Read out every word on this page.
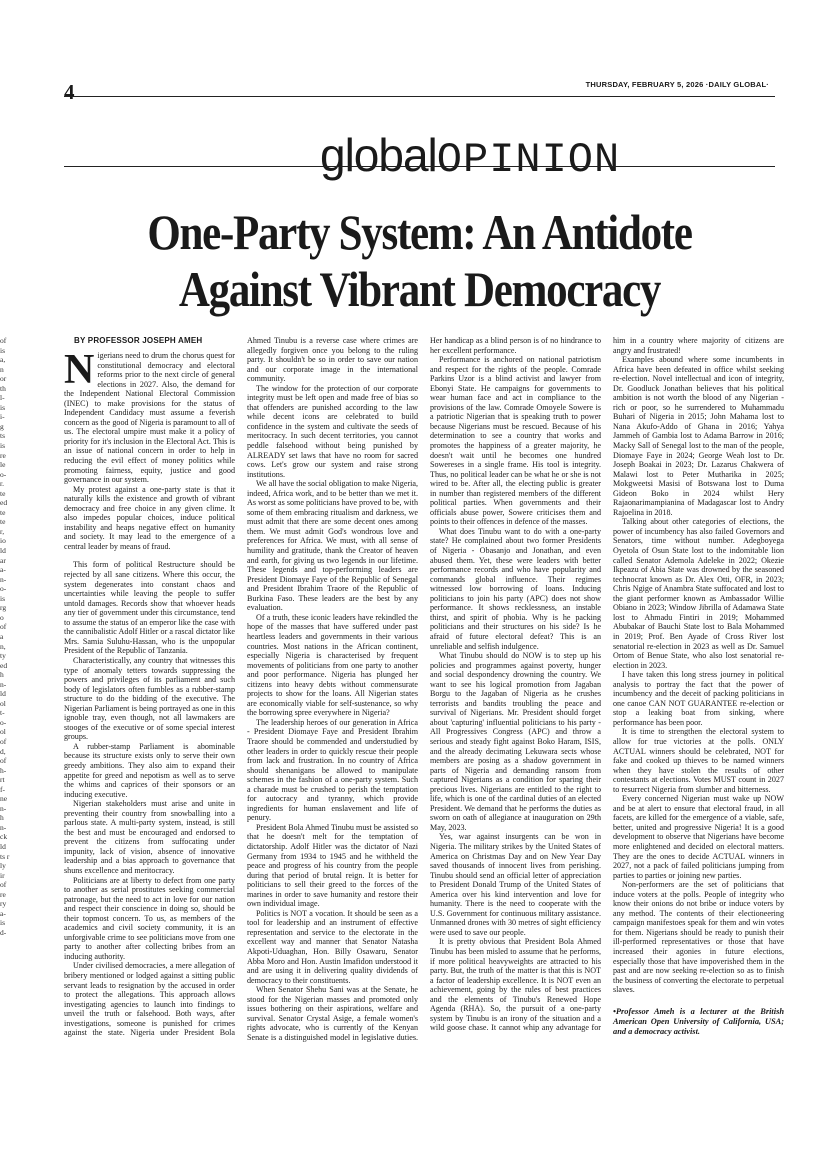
4	THURSDAY, FEBRUARY 5, 2026 ·DAILY GLOBAL·
globalOPINION
One-Party System: An Antidote Against Vibrant Democracy
of is a, n or th l- is i- g ts is re le o- r. te ed te te r, io ld ar a- n- o- is rg o of a n, ty ed h n- ld ol t- o- ol of d, of h- rt f- ne n- h n- ck ld ts r ly ir of re ry a- is d-
BY PROFESSOR JOSEPH AMEH

Nigerians need to drum the chorus quest for constitutional democracy and electoral reforms prior to the next circle of general elections in 2027. Also, the demand for the Independent National Electoral Commission (INEC) to make provisions for the status of Independent Candidacy must assume a feverish concern as the good of Nigeria is paramount to all of us. The electoral umpire must make it a policy of priority for it's inclusion in the Electoral Act. This is an issue of national concern in order to help in reducing the evil effect of money politics while promoting fairness, equity, justice and good governance in our system.

My protest against a one-party state is that it naturally kills the existence and growth of vibrant democracy and free choice in any given clime. It also impedes popular choices, induce political instability and heaps negative effect on humanity and society. It may lead to the emergence of a central leader by means of fraud.

This form of political Restructure should be rejected by all sane citizens. Where this occur, the system degenerates into constant chaos and uncertainties while leaving the people to suffer untold damages. Records show that whoever heads any tier of government under this circumstance, tend to assume the status of an emperor like the case with the cannibalistic Adolf Hitler or a rascal dictator like Mrs. Samia Suluhu-Hassan, who is the unpopular President of the Republic of Tanzania.

Characteristically, any country that witnesses this type of anomaly tetters towards suppressing the powers and privileges of its parliament and such body of legislators often fumbles as a rubber-stamp structure to do the bidding of the executive. The Nigerian Parliament is being portrayed as one in this ignoble tray, even though, not all lawmakers are stooges of the executive or of some special interest groups.

A rubber-stamp Parliament is abominable because its structure exists only to serve their own greedy ambitions. They also aim to expand their appetite for greed and nepotism as well as to serve the whims and caprices of their sponsors or an inducing executive.

Nigerian stakeholders must arise and unite in preventing their country from snowballing into a parlous state. A multi-party system, instead, is still the best and must be encouraged and endorsed to prevent the citizens from suffocating under impunity, lack of vision, absence of innovative leadership and a bias approach to governance that shuns excellence and meritocracy.

Politicians are at liberty to defect from one party to another as serial prostitutes seeking commercial patronage, but the need to act in love for our nation and respect their conscience in doing so, should be their topmost concern. To us, as members of the academics and civil society community, it is an unforgivable crime to see politicians move from one party to another after collecting bribes from an inducing authority.

Under civilised democracies, a mere allegation of bribery mentioned or lodged against a sitting public servant leads to resignation by the accused in order to protect the allegations. This approach allows investigating agencies to launch into findings to unveil the truth or falsehood. Both ways, after investigations, someone is punished for crimes against the state. Nigeria under President Bola Ahmed Tinubu is a reverse case where crimes are allegedly forgiven once you belong to the ruling party. It shouldn't be so in order to save our nation and our corporate image in the international community.

The window for the protection of our corporate integrity must be left open and made free of bias so that offenders are punished according to the law while decent icons are celebrated to build confidence in the system and cultivate the seeds of meritocracy. In such decent territories, you cannot peddle falsehood without being punished by ALREADY set laws that have no room for sacred cows. Let's grow our system and raise strong institutions.

We all have the social obligation to make Nigeria, indeed, Africa work, and to be better than we met it. As worst as some politicians have proved to be, with some of them embracing ritualism and darkness, we must admit that there are some decent ones among them. We must admit God's wondrous love and preferences for Africa. We must, with all sense of humility and gratitude, thank the Creator of heaven and earth, for giving us two legends in our lifetime. These legends and top-performing leaders are President Diomaye Faye of the Republic of Senegal and President Ibrahim Traore of the Republic of Burkina Faso. These leaders are the best by any evaluation.

Of a truth, these iconic leaders have rekindled the hope of the masses that have suffered under past heartless leaders and governments in their various countries. Most nations in the African continent, especially Nigeria is characterised by frequent movements of politicians from one party to another and poor performance. Nigeria has plunged her citizens into heavy debts without commensurate projects to show for the loans. All Nigerian states are economically viable for self-sustenance, so why the borrowing spree everywhere in Nigeria?

The leadership heroes of our generation in Africa - President Diomaye Faye and President Ibrahim Traore should be commended and understudied by other leaders in order to quickly rescue their people from lack and frustration. In no country of Africa should shenanigans be allowed to manipulate schemes in the fashion of a one-party system. Such a charade must be crushed to perish the temptation for autocracy and tyranny, which provide ingredients for human enslavement and life of penury.

President Bola Ahmed Tinubu must be assisted so that he doesn't melt for the temptation of dictatorship. Adolf Hitler was the dictator of Nazi Germany from 1934 to 1945 and he withheld the peace and progress of his country from the people during that period of brutal reign. It is better for politicians to sell their greed to the forces of the marines in order to save humanity and restore their own individual image.

Politics is NOT a vocation. It should be seen as a tool for leadership and an instrument of effective representation and service to the electorate in the excellent way and manner that Senator Natasha Akpoti-Uduaghan, Hon. Billy Osawaru, Senator Abba Moro and Hon. Austin Imafidon understood it and are using it in delivering quality dividends of democracy to their constituents.

When Senator Shehu Sani was at the Senate, he stood for the Nigerian masses and promoted only issues bothering on their aspirations, welfare and survival. Senator Crystal Asige, a female women's rights advocate, who is currently of the Kenyan Senate is a distinguished model in legislative duties. Her handicap as a blind person is of no hindrance to her excellent performance.

Performance is anchored on national patriotism and respect for the rights of the people. Comrade Parkins Uzor is a blind activist and lawyer from Ebonyi State. He campaigns for governments to wear human face and act in compliance to the provisions of the law. Comrade Omoyele Sowere is a patriotic Nigerian that is speaking truth to power because Nigerians must be rescued. Because of his determination to see a country that works and promotes the happiness of a greater majority, he doesn't wait until he becomes one hundred Sowereses in a single frame. His tool is integrity. Thus, no political leader can be what he or she is not wired to be. After all, the electing public is greater in number than registered members of the different political parties. When governments and their officials abuse power, Sowere criticises them and points to their offences in defence of the masses.

What does Tinubu want to do with a one-party state? He complained about two former Presidents of Nigeria - Obasanjo and Jonathan, and even abused them. Yet, these were leaders with better performance records and who have popularity and commands global influence. Their regimes witnessed low borrowing of loans. Inducing politicians to join his party (APC) does not show performance. It shows recklessness, an instable thirst, and spirit of phobia. Why is he packing politicians and their structures on his side? Is he afraid of future electoral defeat? This is an unreliable and selfish indulgence.

What Tinubu should do NOW is to step up his policies and programmes against poverty, hunger and social despondency drowning the country. We want to see his logical promotion from Jagaban Borgu to the Jagaban of Nigeria as he crushes terrorists and bandits troubling the peace and survival of Nigerians. Mr. President should forget about 'capturing' influential politicians to his party - All Progressives Congress (APC) and throw a serious and steady fight against Boko Haram, ISIS, and the already decimating Lekuwara sects whose members are posing as a shadow government in parts of Nigeria and demanding ransom from captured Nigerians as a condition for sparing their precious lives. Nigerians are entitled to the right to life, which is one of the cardinal duties of an elected President. We demand that he performs the duties as sworn on oath of allegiance at inauguration on 29th May, 2023.

Yes, war against insurgents can be won in Nigeria. The military strikes by the United States of America on Christmas Day and on New Year Day saved thousands of innocent lives from perishing. Tinubu should send an official letter of appreciation to President Donald Trump of the United States of America over his kind intervention and love for humanity. There is the need to cooperate with the U.S. Government for continuous military assistance. Unmanned drones with 30 metres of sight efficiency were used to save our people.

It is pretty obvious that President Bola Ahmed Tinubu has been misled to assume that he performs, if more political heavyweights are attracted to his party. But, the truth of the matter is that this is NOT a factor of leadership excellence. It is NOT even an achievement, going by the rules of best practices and the elements of Tinubu's Renewed Hope Agenda (RHA). So, the pursuit of a one-party system by Tinubu is an irony of the situation and a wild goose chase. It cannot whip any advantage for him in a country where majority of citizens are angry and frustrated!

Examples abound where some incumbents in Africa have been defeated in office whilst seeking re-election. Novel intellectual and icon of integrity, Dr. Goodluck Jonathan believes that his political ambition is not worth the blood of any Nigerian - rich or poor, so he surrendered to Muhammadu Buhari of Nigeria in 2015; John Mahama lost to Nana Akufo-Addo of Ghana in 2016; Yahya Jammeh of Gambia lost to Adama Barrow in 2016; Macky Sall of Senegal lost to the man of the people, Diomaye Faye in 2024; George Weah lost to Dr. Joseph Boakai in 2023; Dr. Lazarus Chakwera of Malawi lost to Peter Mutharika in 2025; Mokgweetsi Masisi of Botswana lost to Duma Gideon Boko in 2024 whilst Hery Rajaonarimampianina of Madagascar lost to Andry Rajoelina in 2018.

Talking about other categories of elections, the power of incumbency has also failed Governors and Senators, time without number. Adegboyega Oyetola of Osun State lost to the indomitable lion called Senator Ademola Adeleke in 2022; Okezie Ikpeazu of Abia State was drowned by the seasoned technocrat known as Dr. Alex Otti, OFR, in 2023; Chris Ngige of Anambra State suffocated and lost to the giant performer known as Ambassador Willie Obiano in 2023; Window Jibrilla of Adamawa State lost to Ahmadu Fintiri in 2019; Mohammed Abubakar of Bauchi State lost to Bala Mohammed in 2019; Prof. Ben Ayade of Cross River lost senatorial re-election in 2023 as well as Dr. Samuel Ortom of Benue State, who also lost senatorial re-election in 2023.

I have taken this long stress journey in political analysis to portray the fact that the power of incumbency and the deceit of packing politicians in one canoe CAN NOT GUARANTEE re-election or stop a leaking boat from sinking, where performance has been poor.

It is time to strengthen the electoral system to allow for true victories at the polls. ONLY ACTUAL winners should be celebrated, NOT for fake and cooked up thieves to be named winners when they have stolen the results of other contestants at elections. Votes MUST count in 2027 to resurrect Nigeria from slumber and bitterness.

Every concerned Nigerian must wake up NOW and be at alert to ensure that electoral fraud, in all facets, are killed for the emergence of a viable, safe, better, united and progressive Nigeria! It is a good development to observe that Nigerians have become more enlightened and decided on electoral matters. They are the ones to decide ACTUAL winners in 2027, not a pack of failed politicians jumping from parties to parties or joining new parties.

Non-performers are the set of politicians that induce voters at the polls. People of integrity who know their onions do not bribe or induce voters by any method. The contents of their electioneering campaign manifestoes speak for them and win votes for them. Nigerians should be ready to punish their ill-performed representatives or those that have increased their agonies in future elections, especially those that have impoverished them in the past and are now seeking re-election so as to finish the business of converting the electorate to perpetual slaves.

•Professor Ameh is a lecturer at the British American Open University of California, USA; and a democracy activist.
